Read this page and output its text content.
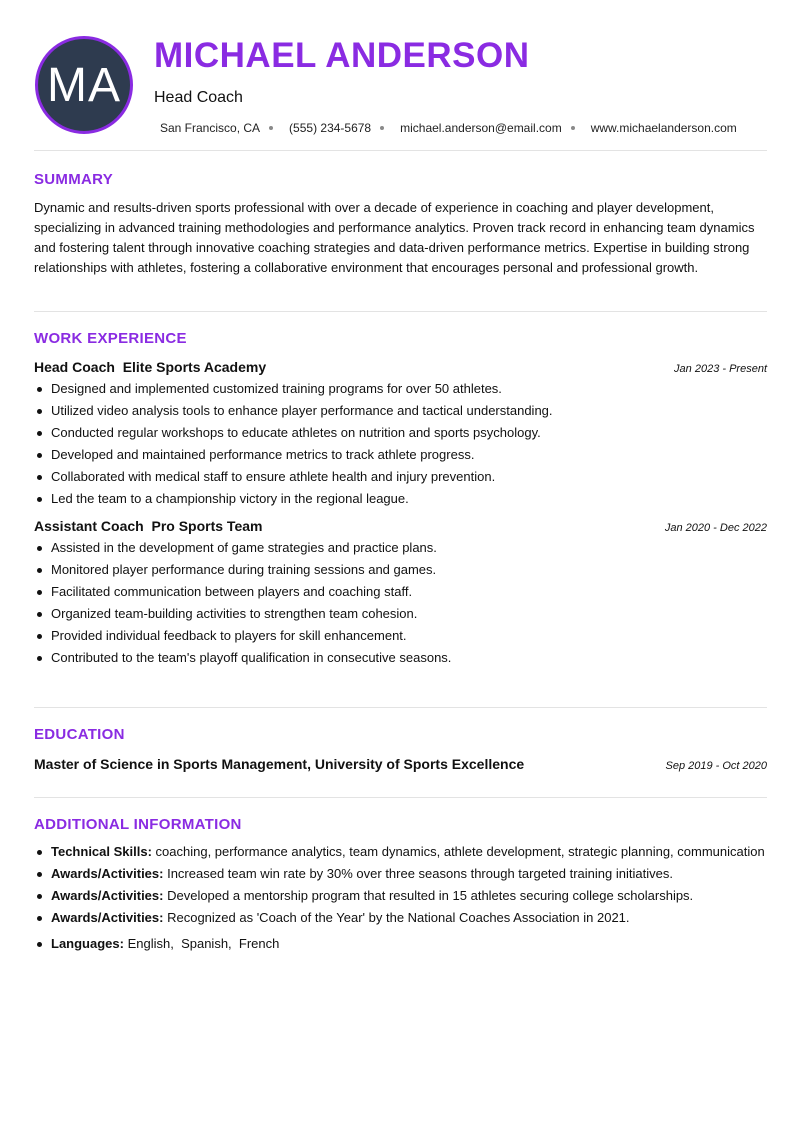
MA
MICHAEL ANDERSON
Head Coach
San Francisco, CA (555) 234-5678 michael.anderson@email.com www.michaelanderson.com
SUMMARY

Dynamic and results-driven sports professional with over a decade of experience in coaching and player development, specializing in advanced training methodologies and performance analytics. Proven track record in enhancing team dynamics and fostering talent through innovative coaching strategies and data-driven performance metrics. Expertise in building strong relationships with athletes, fostering a collaborative environment that encourages personal and professional growth.

WORK EXPERIENCE
Head Coach  Elite Sports Academy	Jan 2023 - Present
Designed and implemented customized training programs for over 50 athletes.
Utilized video analysis tools to enhance player performance and tactical understanding.
Conducted regular workshops to educate athletes on nutrition and sports psychology.
Developed and maintained performance metrics to track athlete progress.
Collaborated with medical staff to ensure athlete health and injury prevention.
Led the team to a championship victory in the regional league.
Assistant Coach  Pro Sports Team	Jan 2020 - Dec 2022
Assisted in the development of game strategies and practice plans.
Monitored player performance during training sessions and games.
Facilitated communication between players and coaching staff.
Organized team-building activities to strengthen team cohesion.
Provided individual feedback to players for skill enhancement.
Contributed to the team's playoff qualification in consecutive seasons.
EDUCATION
Master of Science in Sports Management, University of Sports Excellence	Sep 2019 - Oct 2020
ADDITIONAL INFORMATION
Technical Skills: coaching, performance analytics, team dynamics, athlete development, strategic planning, communication
Awards/Activities: Increased team win rate by 30% over three seasons through targeted training initiatives.
Awards/Activities: Developed a mentorship program that resulted in 15 athletes securing college scholarships.
Awards/Activities: Recognized as 'Coach of the Year' by the National Coaches Association in 2021.
Languages: English,  Spanish,  French
